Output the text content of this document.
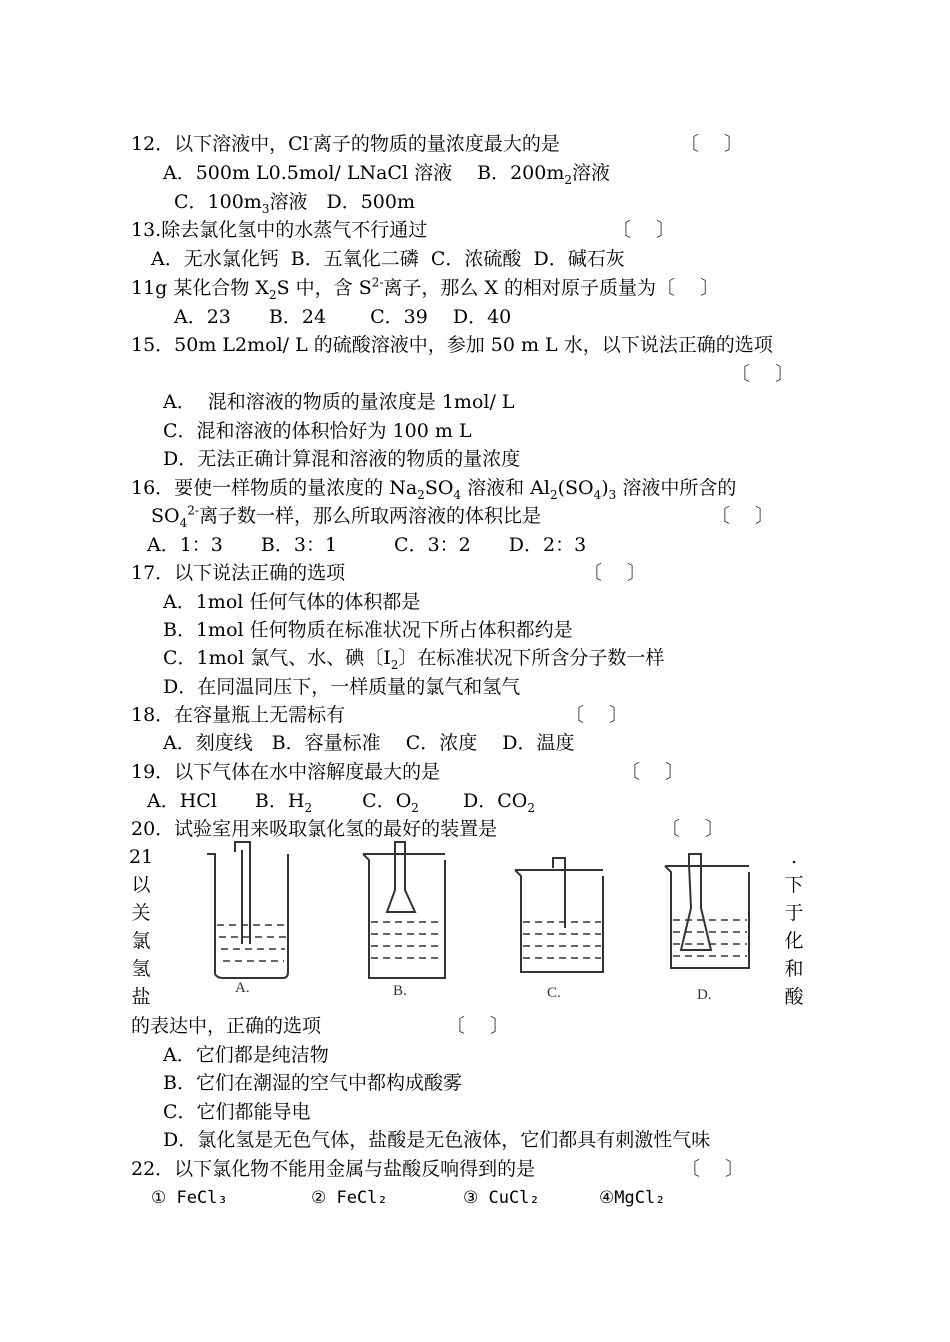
12．以下溶液中，Cl-离子的物质的量浓度最大的是	〔　 〕
A．500m L0.5mol/ LNaCl 溶液　 B．$200m_2$溶液
C．$100m_3$溶液　D．500m
13.除去氯化氢中的水蒸气不行通过	〔　 〕
A．无水氯化钙  B．五氧化二磷  C．浓硫酸  D．碱石灰
11g 某化合物 $X_2S$ 中，含 $S^{2-}$离子，那么 X 的相对原子质量为〔　 〕
A．23　　B．24　　 C．39　 D．40
15．50m L2mol/ L 的硫酸溶液中，参加 50 m L 水，以下说法正确的选项
〔　 〕
A．  混和溶液的物质的量浓度是 1mol/ L
C．混和溶液的体积恰好为 100 m L
D．无法正确计算混和溶液的物质的量浓度
16．要使一样物质的量浓度的 $Na_2SO_4$ 溶液和 $Al_2(SO_4)_3$ 溶液中所含的
$SO_4^{2-}$离子数一样，那么所取两溶液的体积比是	〔　 〕
A．1：3　　B．3：1　　　C．3：2　　D．2：3
17．以下说法正确的选项	〔　 〕
A．1mol 任何气体的体积都是
B．1mol 任何物质在标准状况下所占体积都约是
C．1mol 氯气、水、碘〔$I_2$〕在标准状况下所含分子数一样
D．在同温同压下，一样质量的氯气和氢气
18．在容量瓶上无需标有	〔　 〕
A．刻度线　B．容量标准　 C．浓度　 D．温度
19．以下气体在水中溶解度最大的是	〔　 〕
A．HCl　　B．$H_2$　　  C．$O_2$　　 D．$CO_2$
20．试验室用来吸取氯化氢的最好的装置是	〔　 〕
21 以 关 氯 氢 盐
. 下 于 化 和 酸
A.	B.	C.	D.
的表达中，正确的选项	〔　 〕
A．它们都是纯洁物
B．它们在潮湿的空气中都构成酸雾
C．它们都能导电
D．氯化氢是无色气体，盐酸是无色液体，它们都具有刺激性气味
22．以下氯化物不能用金属与盐酸反响得到的是	〔　 〕
① FeCl₃	② FeCl₂	③ CuCl₂	④MgCl₂
